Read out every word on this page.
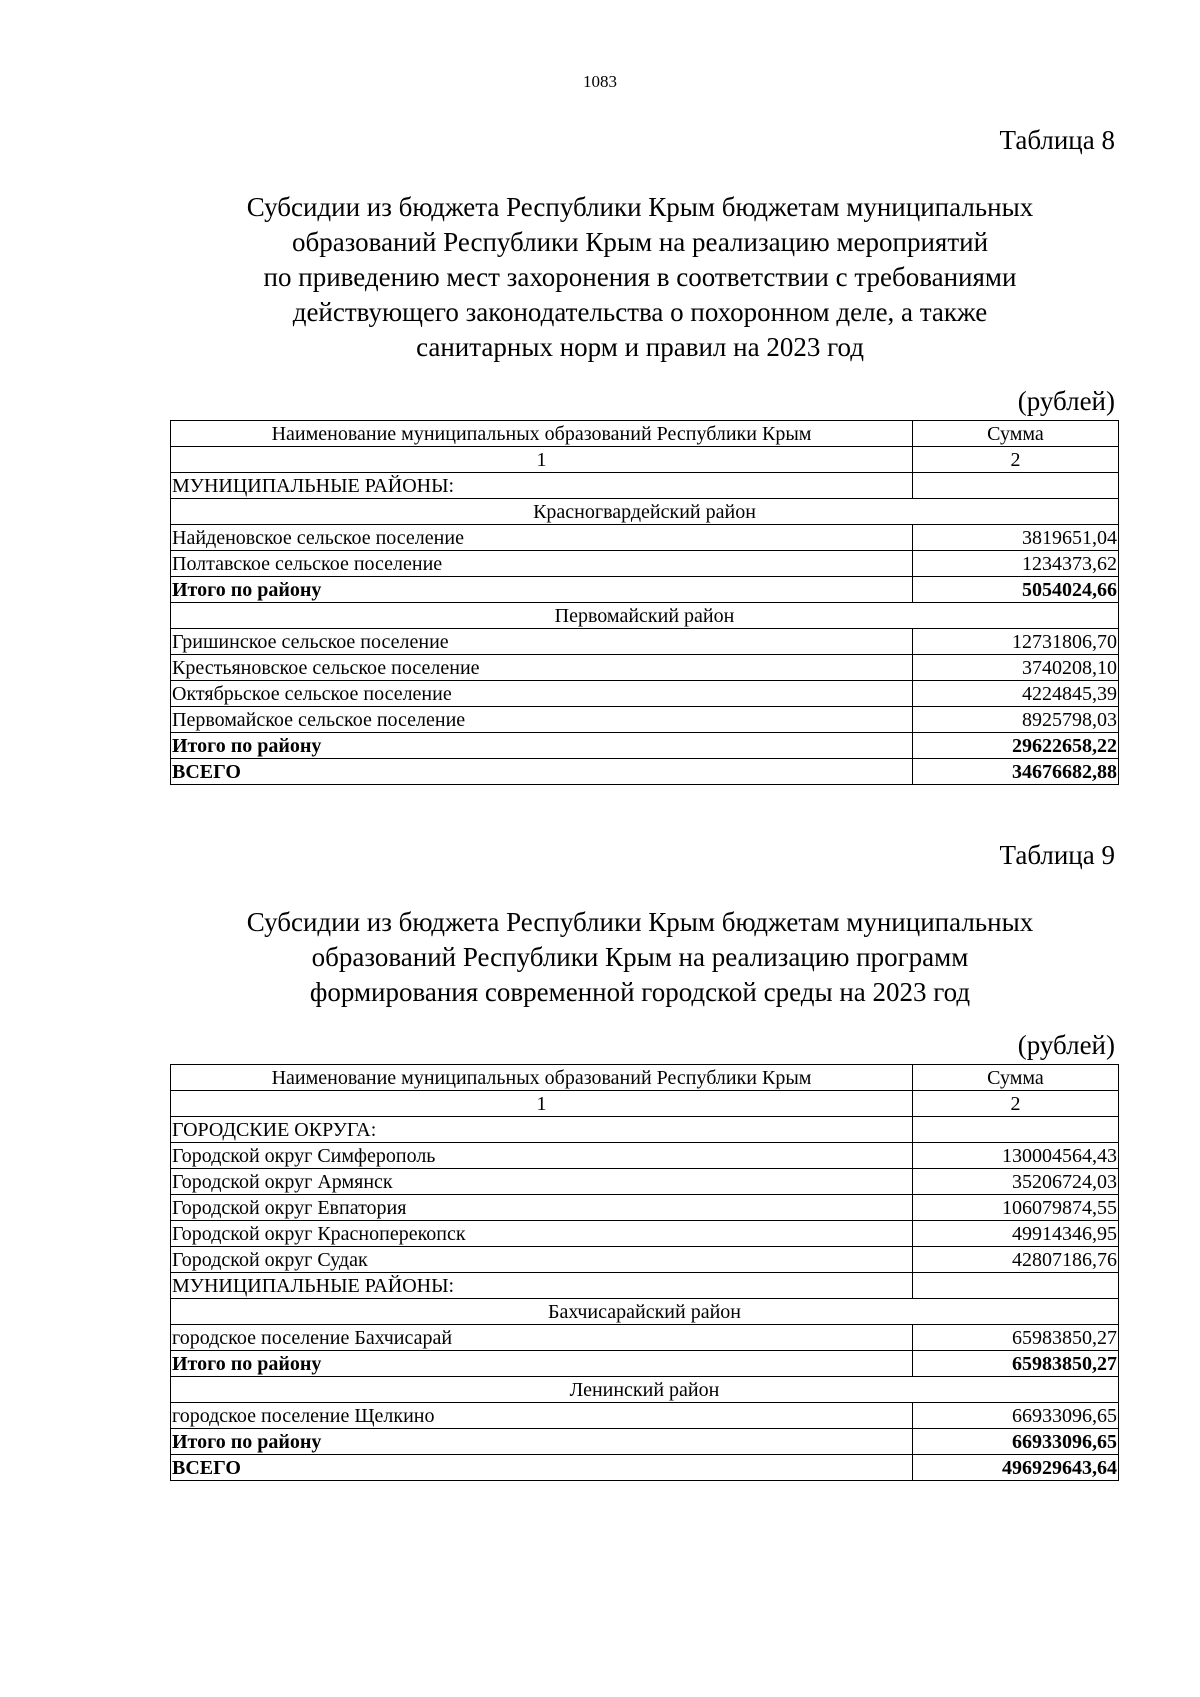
1083
Таблица 8
Субсидии из бюджета Республики Крым бюджетам муниципальных
образований Республики Крым на реализацию мероприятий
по приведению мест захоронения в соответствии с требованиями
действующего законодательства о похоронном деле, а также
санитарных норм и правил на 2023 год
(рублей)
Наименование муниципальных образований Республики Крым	Сумма
1	2
МУНИЦИПАЛЬНЫЕ РАЙОНЫ:	
Красногвардейский район	
Найденовское сельское поселение	3819651,04
Полтавское сельское поселение	1234373,62
Итого по району	5054024,66
Первомайский район	
Гришинское сельское поселение	12731806,70
Крестьяновское сельское поселение	3740208,10
Октябрьское сельское поселение	4224845,39
Первомайское сельское поселение	8925798,03
Итого по району	29622658,22
ВСЕГО	34676682,88
Таблица 9
Субсидии из бюджета Республики Крым бюджетам муниципальных
образований Республики Крым на реализацию программ
формирования современной городской среды на 2023 год
(рублей)
Наименование муниципальных образований Республики Крым	Сумма
1	2
ГОРОДСКИЕ ОКРУГА:	
Городской округ Симферополь	130004564,43
Городской округ Армянск	35206724,03
Городской округ Евпатория	106079874,55
Городской округ Красноперекопск	49914346,95
Городской округ Судак	42807186,76
МУНИЦИПАЛЬНЫЕ РАЙОНЫ:	
Бахчисарайский район	
городское поселение Бахчисарай	65983850,27
Итого по району	65983850,27
Ленинский район	
городское поселение Щелкино	66933096,65
Итого по району	66933096,65
ВСЕГО	496929643,64
